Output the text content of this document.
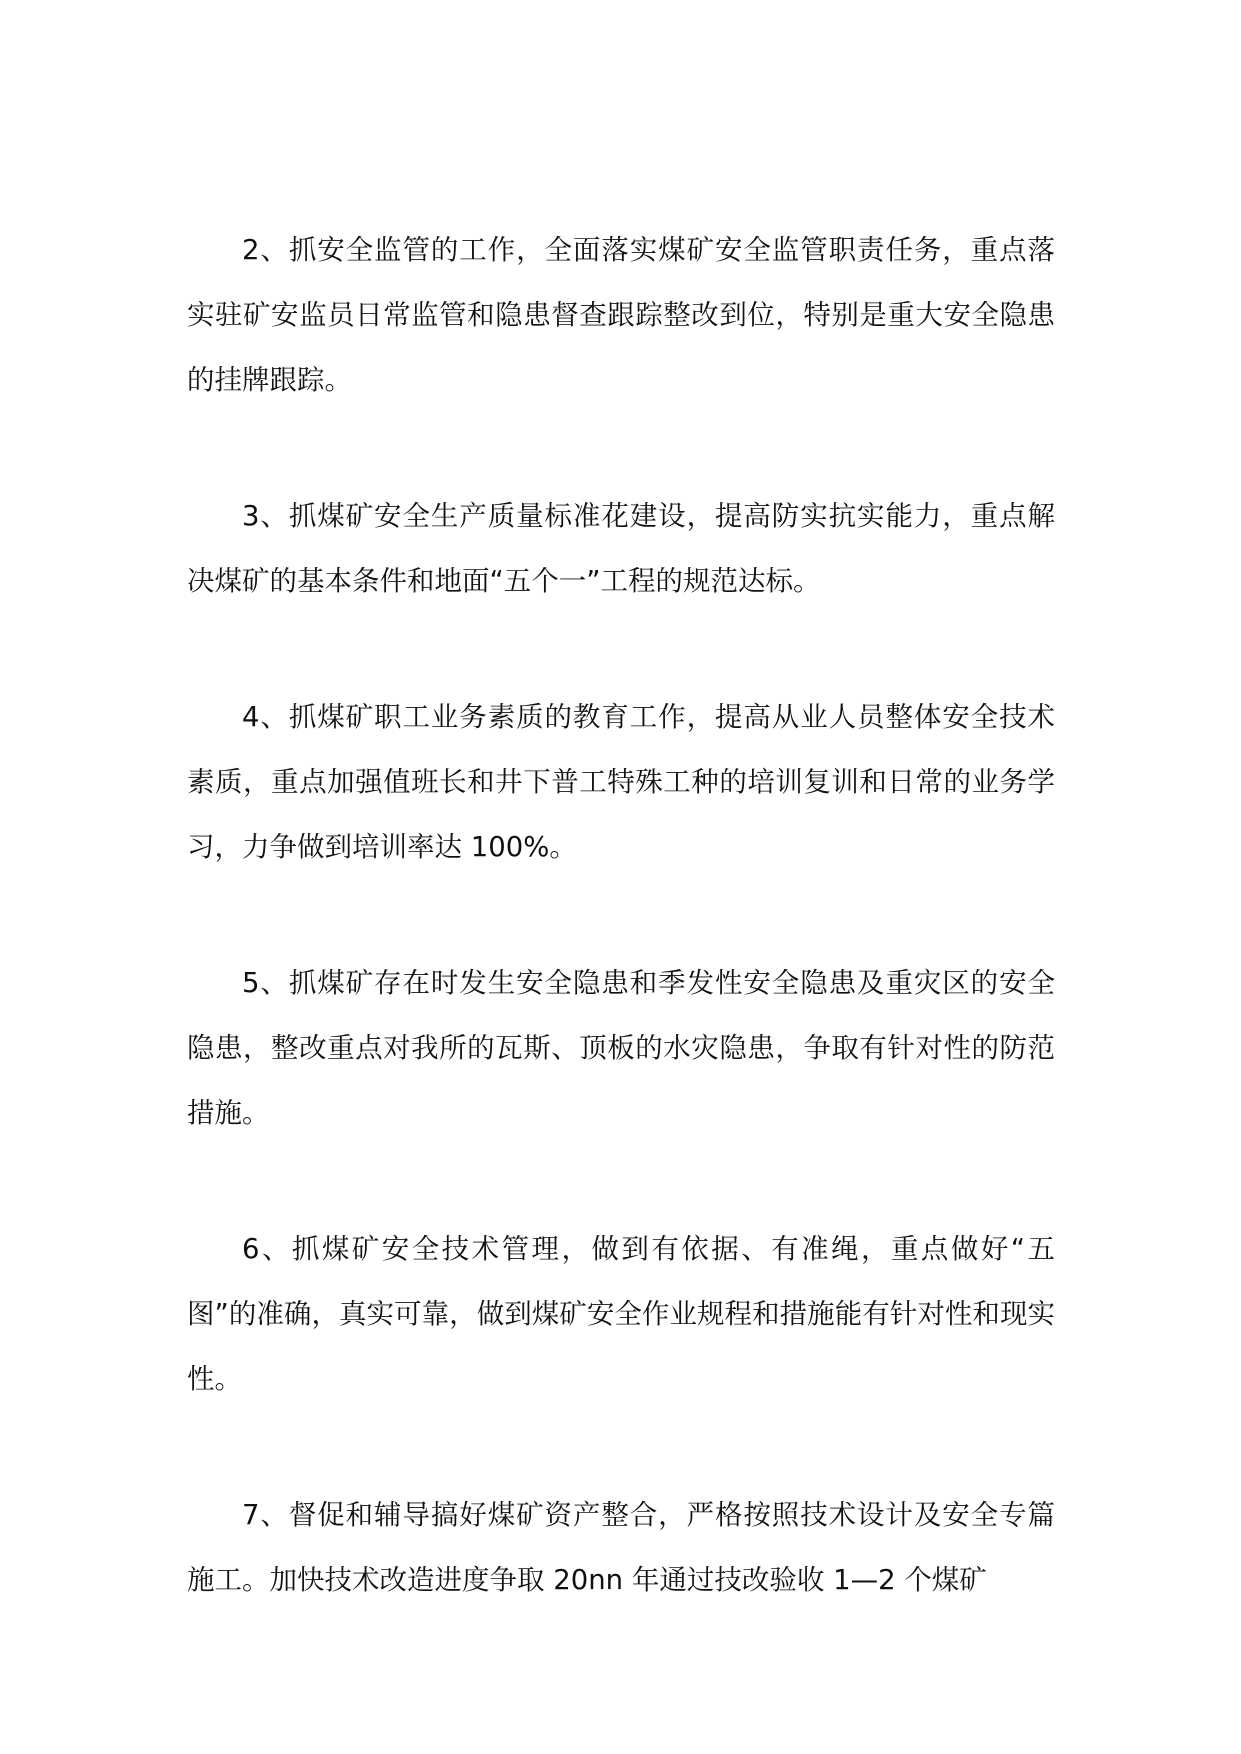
2、抓安全监管的工作，全面落实煤矿安全监管职责任务，重点落实驻矿安监员日常监管和隐患督查跟踪整改到位，特别是重大安全隐患的挂牌跟踪。

3、抓煤矿安全生产质量标准花建设，提高防实抗实能力，重点解决煤矿的基本条件和地面“五个一”工程的规范达标。

4、抓煤矿职工业务素质的教育工作，提高从业人员整体安全技术素质，重点加强值班长和井下普工特殊工种的培训复训和日常的业务学习，力争做到培训率达 100%。

5、抓煤矿存在时发生安全隐患和季发性安全隐患及重灾区的安全隐患，整改重点对我所的瓦斯、顶板的水灾隐患，争取有针对性的防范措施。

6、抓煤矿安全技术管理，做到有依据、有准绳，重点做好“五图”的准确，真实可靠，做到煤矿安全作业规程和措施能有针对性和现实性。

7、督促和辅导搞好煤矿资产整合，严格按照技术设计及安全专篇施工。加快技术改造进度争取 20nn 年通过技改验收 1—2 个煤矿
